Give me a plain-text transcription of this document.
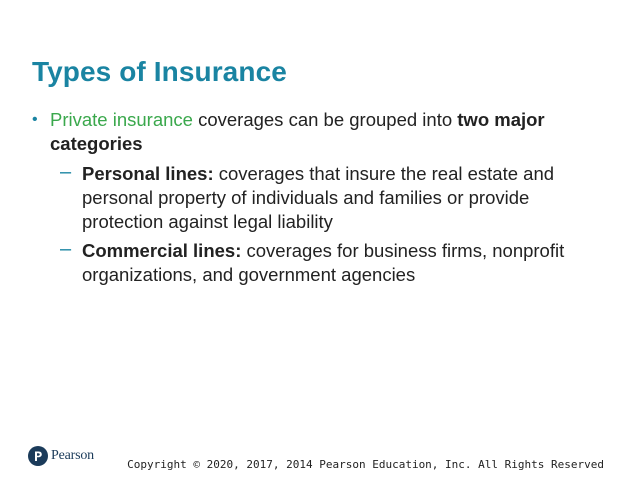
Types of Insurance
• Private insurance coverages can be grouped into two major categories
– Personal lines: coverages that insure the real estate and personal property of individuals and families or provide protection against legal liability
– Commercial lines: coverages for business firms, nonprofit organizations, and government agencies
Pearson
Copyright © 2020, 2017, 2014 Pearson Education, Inc. All Rights Reserved
